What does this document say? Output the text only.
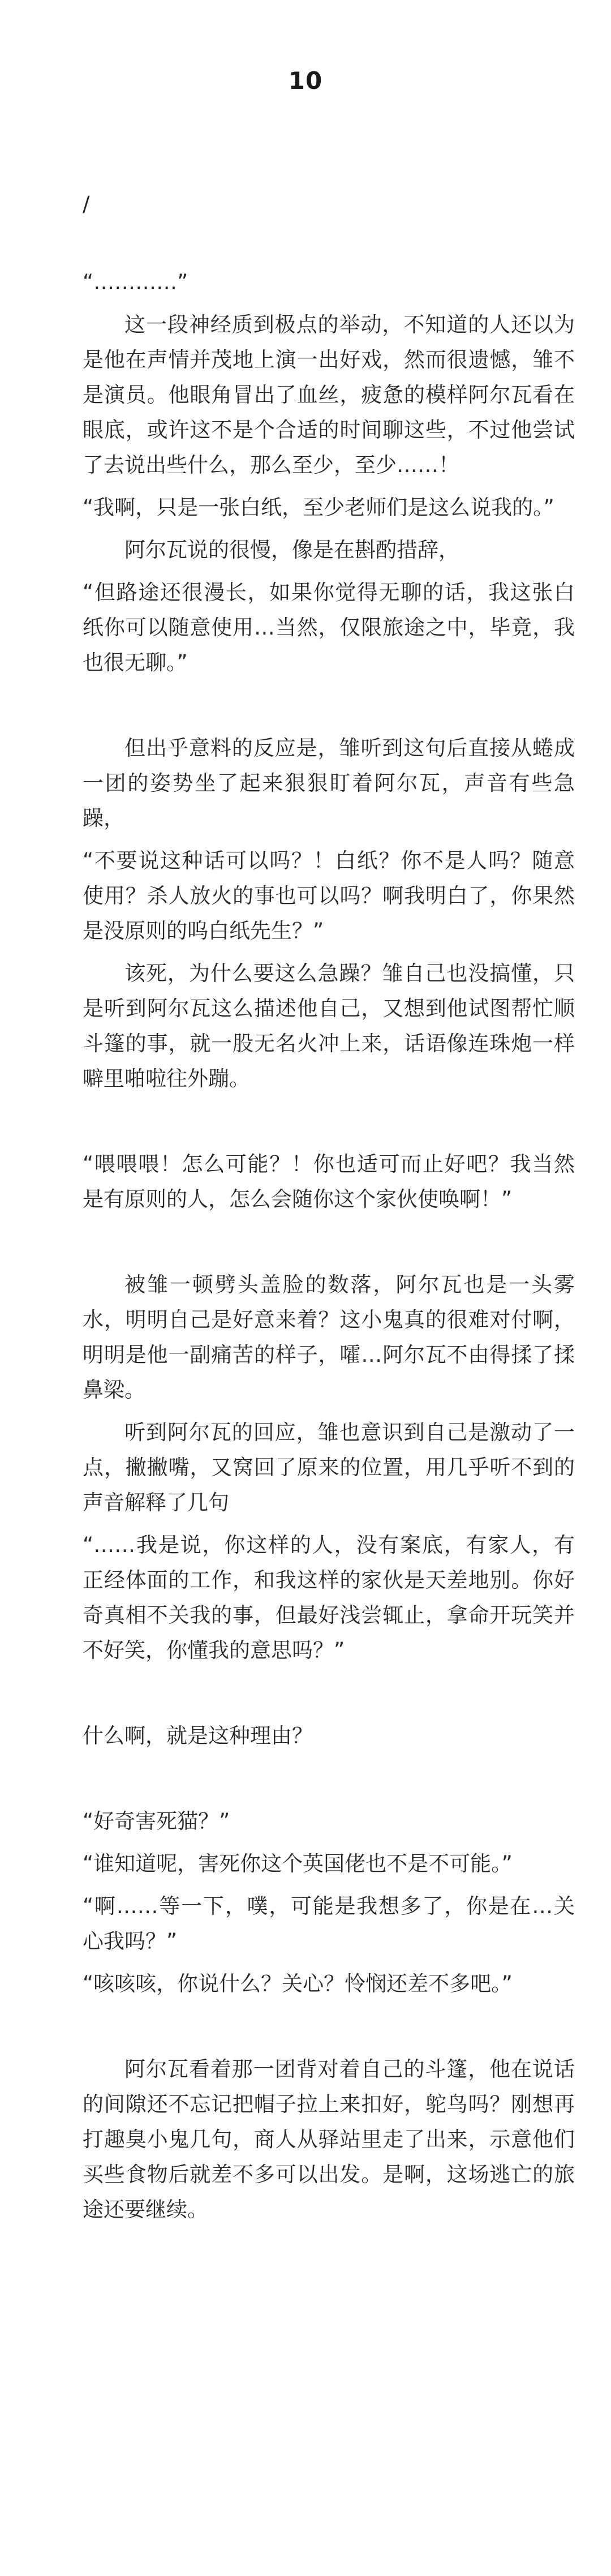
10

/

“…………”

这一段神经质到极点的举动，不知道的人还以为是他在声情并茂地上演一出好戏，然而很遗憾，雏不是演员。他眼角冒出了血丝，疲惫的模样阿尔瓦看在眼底，或许这不是个合适的时间聊这些，不过他尝试了去说出些什么，那么至少，至少……！

“我啊，只是一张白纸，至少老师们是这么说我的。”

阿尔瓦说的很慢，像是在斟酌措辞，

“但路途还很漫长，如果你觉得无聊的话，我这张白纸你可以随意使用…当然，仅限旅途之中，毕竟，我也很无聊。”

但出乎意料的反应是，雏听到这句后直接从蜷成一团的姿势坐了起来狠狠盯着阿尔瓦，声音有些急躁，

“不要说这种话可以吗？！白纸？你不是人吗？随意使用？杀人放火的事也可以吗？啊我明白了，你果然是没原则的呜白纸先生？”

该死，为什么要这么急躁？雏自己也没搞懂，只是听到阿尔瓦这么描述他自己，又想到他试图帮忙顺斗篷的事，就一股无名火冲上来，话语像连珠炮一样噼里啪啦往外蹦。

“喂喂喂！怎么可能？！你也适可而止好吧？我当然是有原则的人，怎么会随你这个家伙使唤啊！”

被雏一顿劈头盖脸的数落，阿尔瓦也是一头雾水，明明自己是好意来着？这小鬼真的很难对付啊，明明是他一副痛苦的样子，嚯…阿尔瓦不由得揉了揉鼻梁。

听到阿尔瓦的回应，雏也意识到自己是激动了一点，撇撇嘴，又窝回了原来的位置，用几乎听不到的声音解释了几句

“……我是说，你这样的人，没有案底，有家人，有正经体面的工作，和我这样的家伙是天差地别。你好奇真相不关我的事，但最好浅尝辄止，拿命开玩笑并不好笑，你懂我的意思吗？”

什么啊，就是这种理由？

“好奇害死猫？”

“谁知道呢，害死你这个英国佬也不是不可能。”

“啊……等一下，噗，可能是我想多了，你是在…关心我吗？”

“咳咳咳，你说什么？关心？怜悯还差不多吧。”

阿尔瓦看着那一团背对着自己的斗篷，他在说话的间隙还不忘记把帽子拉上来扣好，鸵鸟吗？刚想再打趣臭小鬼几句，商人从驿站里走了出来，示意他们买些食物后就差不多可以出发。是啊，这场逃亡的旅途还要继续。
